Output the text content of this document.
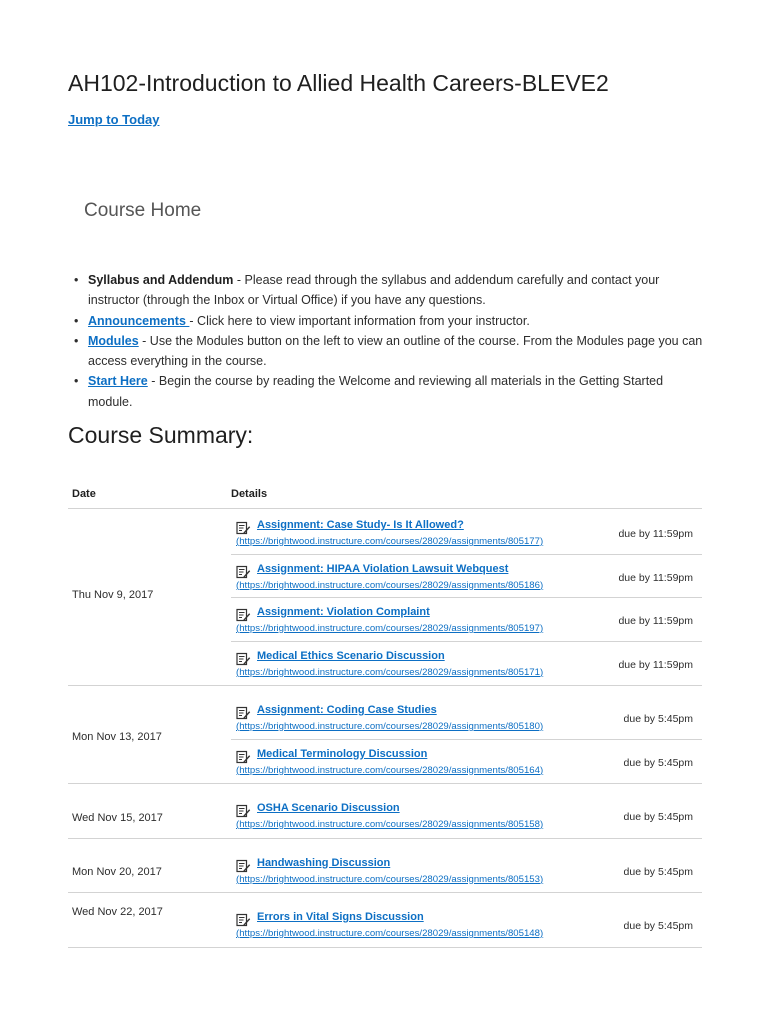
AH102-Introduction to Allied Health Careers-BLEVE2
Jump to Today
Course Home
• Syllabus and Addendum - Please read through the syllabus and addendum carefully and contact your instructor (through the Inbox or Virtual Office) if you have any questions.
• Announcements - Click here to view important information from your instructor.
• Modules - Use the Modules button on the left to view an outline of the course. From the Modules page you can access everything in the course.
• Start Here - Begin the course by reading the Welcome and reviewing all materials in the Getting Started module.
Course Summary:
Date	Details
Thu Nov 9, 2017
Assignment: Case Study- Is It Allowed?
(https://brightwood.instructure.com/courses/28029/assignments/805177)
due by 11:59pm
Assignment: HIPAA Violation Lawsuit Webquest
(https://brightwood.instructure.com/courses/28029/assignments/805186)
due by 11:59pm
Assignment: Violation Complaint
(https://brightwood.instructure.com/courses/28029/assignments/805197)
due by 11:59pm
Medical Ethics Scenario Discussion
(https://brightwood.instructure.com/courses/28029/assignments/805171)
due by 11:59pm
Mon Nov 13, 2017
Assignment: Coding Case Studies
(https://brightwood.instructure.com/courses/28029/assignments/805180)
due by 5:45pm
Medical Terminology Discussion
(https://brightwood.instructure.com/courses/28029/assignments/805164)
due by 5:45pm
Wed Nov 15, 2017
OSHA Scenario Discussion
(https://brightwood.instructure.com/courses/28029/assignments/805158)
due by 5:45pm
Mon Nov 20, 2017
Handwashing Discussion
(https://brightwood.instructure.com/courses/28029/assignments/805153)
due by 5:45pm
Wed Nov 22, 2017	Errors in Vital Signs Discussion
(https://brightwood.instructure.com/courses/28029/assignments/805148)
due by 5:45pm
